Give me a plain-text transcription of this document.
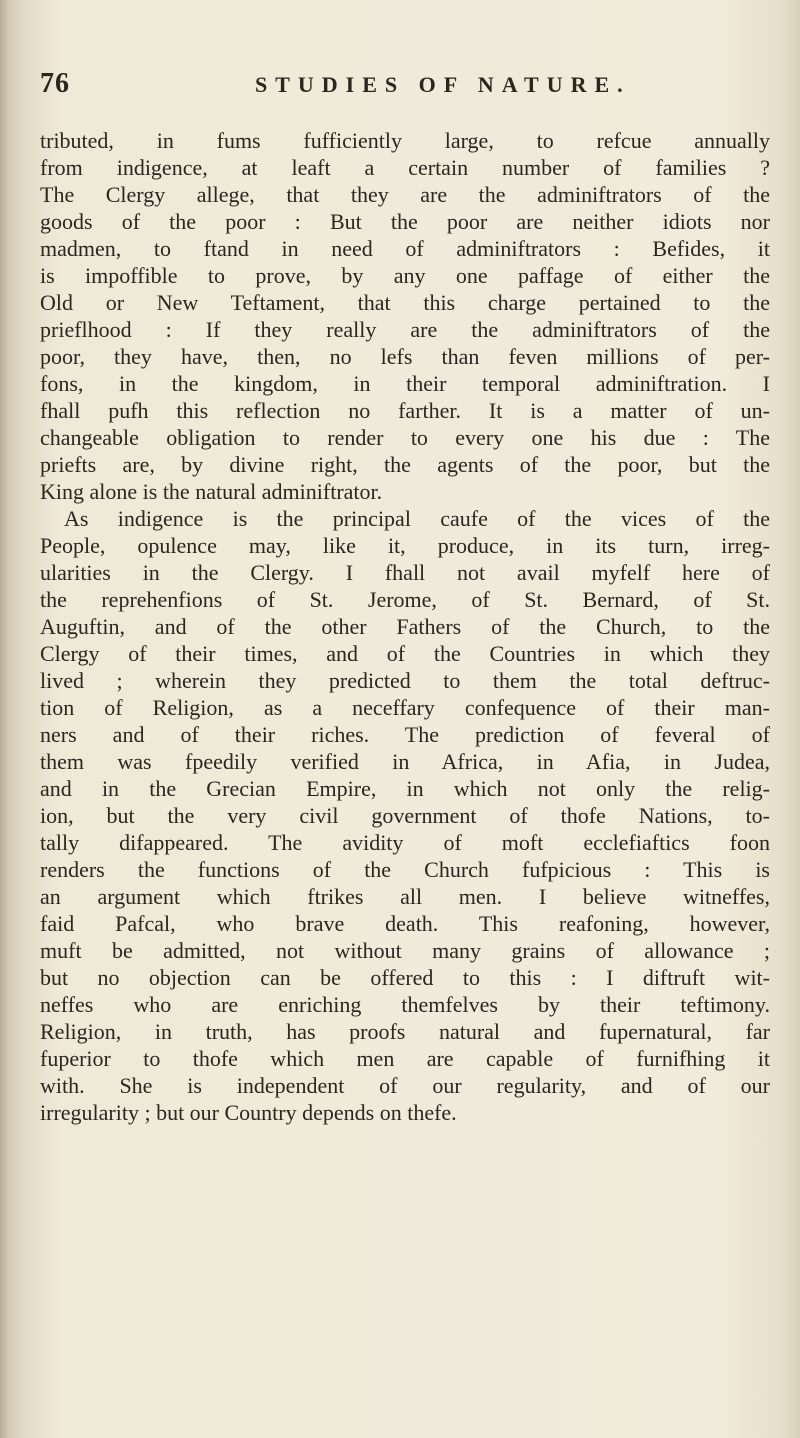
76	STUDIES OF NATURE.
tributed, in fums fufficiently large, to refcue annually
from indigence, at leaft a certain number of families ?
The Clergy allege, that they are the adminiftrators of the
goods of the poor : But the poor are neither idiots nor
madmen, to ftand in need of adminiftrators : Befides, it
is impoffible to prove, by any one paffage of either the
Old or New Teftament, that this charge pertained to the
prieflhood : If they really are the adminiftrators of the
poor, they have, then, no lefs than feven millions of per-
fons, in the kingdom, in their temporal adminiftration. I
fhall pufh this reflection no farther. It is a matter of un-
changeable obligation to render to every one his due : The
priefts are, by divine right, the agents of the poor, but the
King alone is the natural adminiftrator.
As indigence is the principal caufe of the vices of the
People, opulence may, like it, produce, in its turn, irreg-
ularities in the Clergy. I fhall not avail myfelf here of
the reprehenfions of St. Jerome, of St. Bernard, of St.
Auguftin, and of the other Fathers of the Church, to the
Clergy of their times, and of the Countries in which they
lived ; wherein they predicted to them the total deftruc-
tion of Religion, as a neceffary confequence of their man-
ners and of their riches. The prediction of feveral of
them was fpeedily verified in Africa, in Afia, in Judea,
and in the Grecian Empire, in which not only the relig-
ion, but the very civil government of thofe Nations, to-
tally difappeared. The avidity of moft ecclefiaftics foon
renders the functions of the Church fufpicious : This is
an argument which ftrikes all men. I believe witneffes,
faid Pafcal, who brave death. This reafoning, however,
muft be admitted, not without many grains of allowance ;
but no objection can be offered to this : I diftruft wit-
neffes who are enriching themfelves by their teftimony.
Religion, in truth, has proofs natural and fupernatural, far
fuperior to thofe which men are capable of furnifhing it
with. She is independent of our regularity, and of our
irregularity ; but our Country depends on thefe.
